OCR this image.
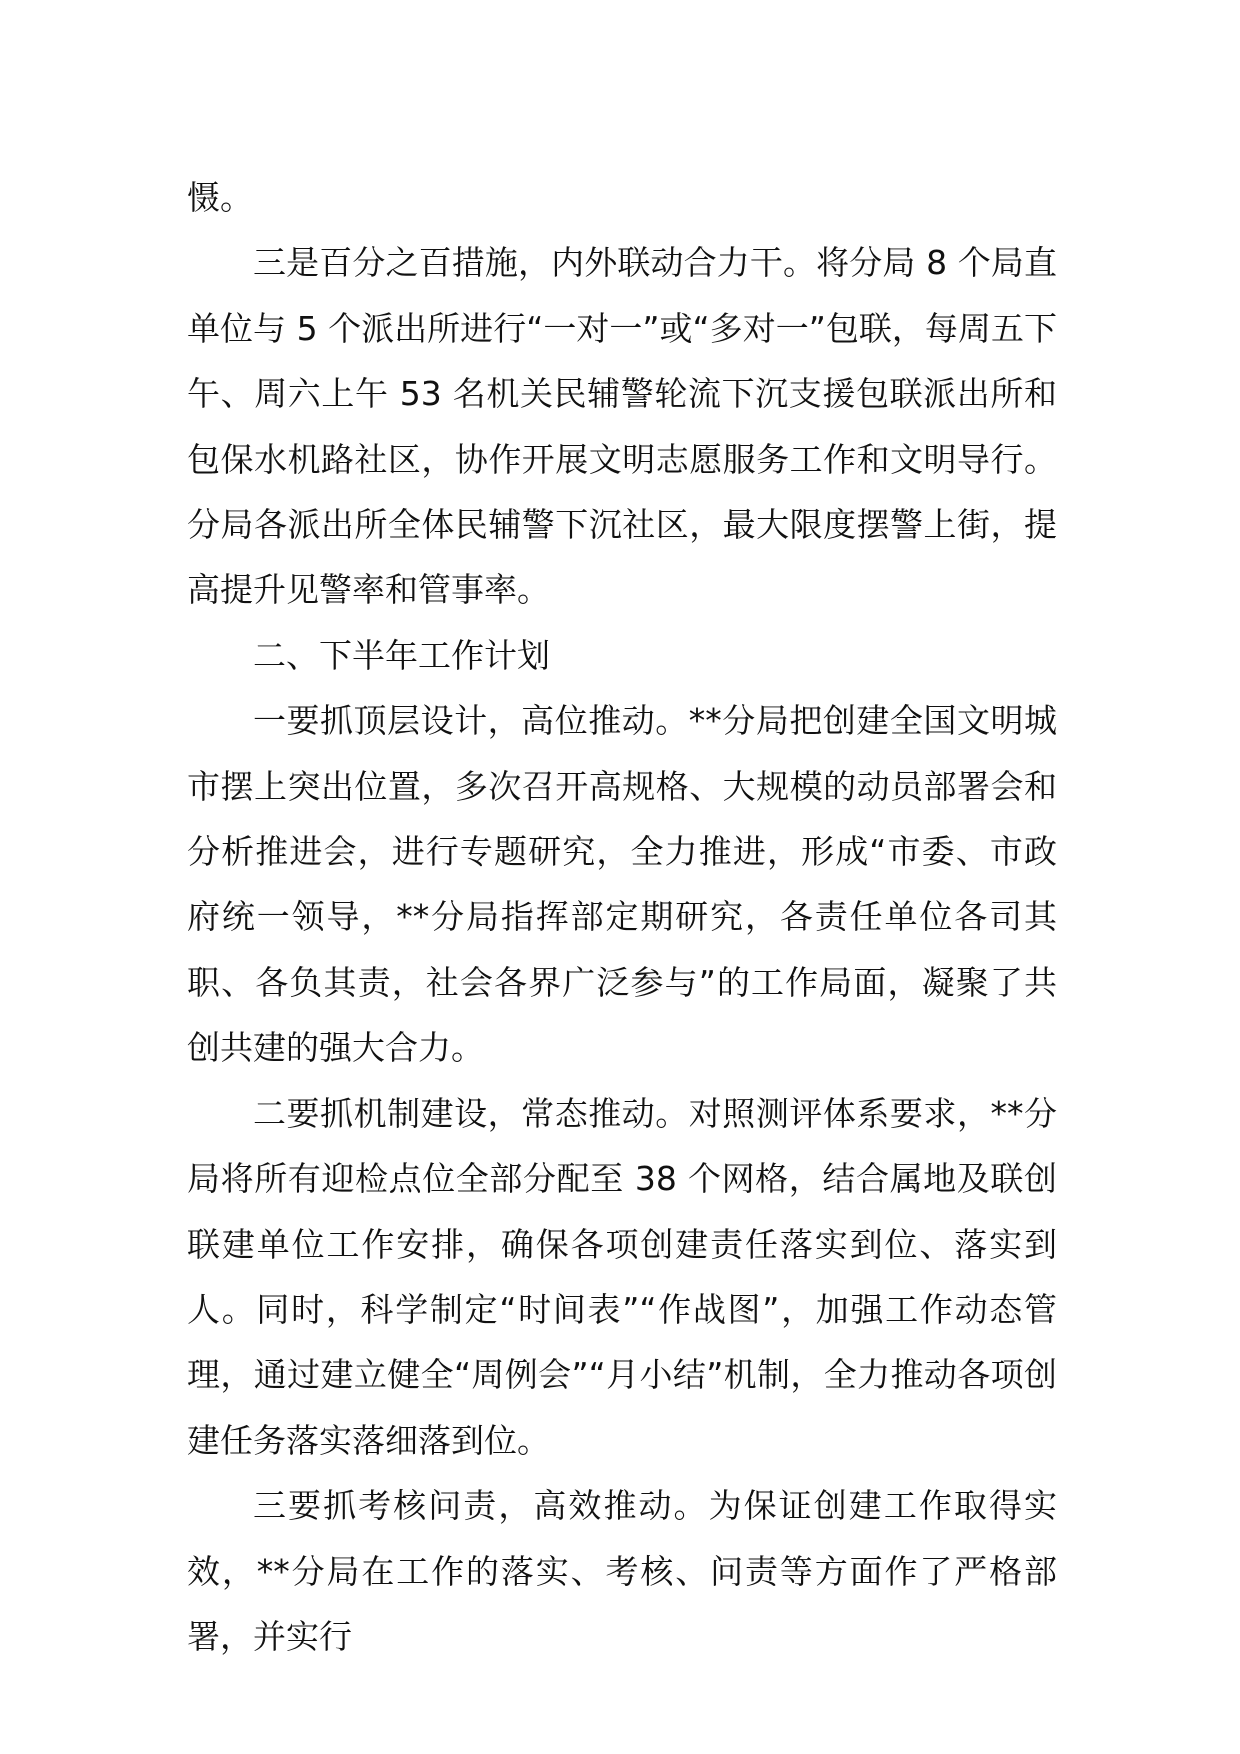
慑。

三是百分之百措施，内外联动合力干。将分局 8 个局直单位与 5 个派出所进行“一对一”或“多对一”包联，每周五下午、周六上午 53 名机关民辅警轮流下沉支援包联派出所和包保水机路社区，协作开展文明志愿服务工作和文明导行。分局各派出所全体民辅警下沉社区，最大限度摆警上街，提高提升见警率和管事率。

二、下半年工作计划

一要抓顶层设计，高位推动。**分局把创建全国文明城市摆上突出位置，多次召开高规格、大规模的动员部署会和分析推进会，进行专题研究，全力推进，形成“市委、市政府统一领导，**分局指挥部定期研究，各责任单位各司其职、各负其责，社会各界广泛参与”的工作局面，凝聚了共创共建的强大合力。

二要抓机制建设，常态推动。对照测评体系要求，**分局将所有迎检点位全部分配至 38 个网格，结合属地及联创联建单位工作安排，确保各项创建责任落实到位、落实到人。同时，科学制定“时间表”“作战图”，加强工作动态管理，通过建立健全“周例会”“月小结”机制，全力推动各项创建任务落实落细落到位。

三要抓考核问责，高效推动。为保证创建工作取得实效，**分局在工作的落实、考核、问责等方面作了严格部署，并实行
